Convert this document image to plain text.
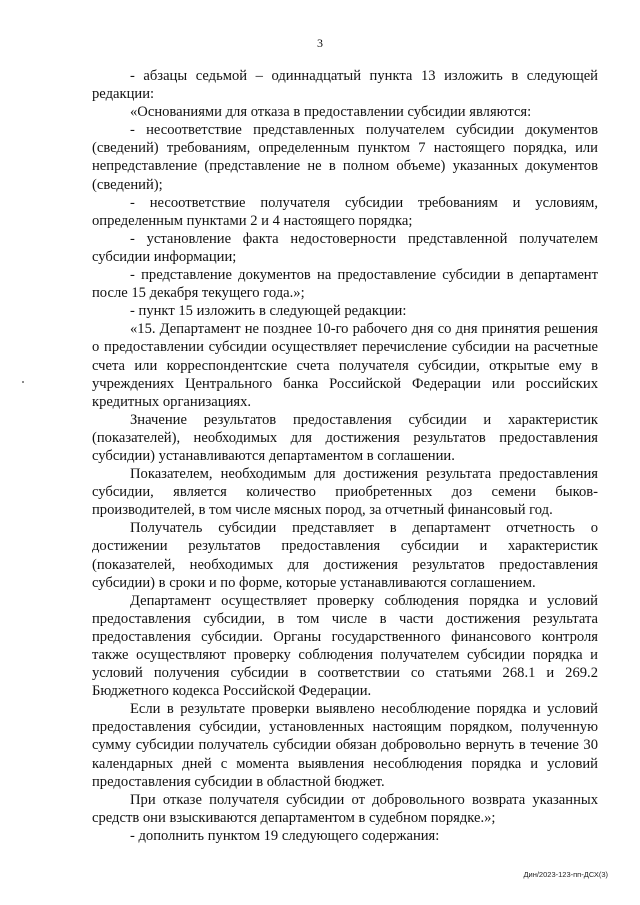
3

- абзацы седьмой – одиннадцатый пункта 13 изложить в следующей редакции:

«Основаниями для отказа в предоставлении субсидии являются:

- несоответствие представленных получателем субсидии документов (сведений) требованиям, определенным пунктом 7 настоящего порядка, или непредставление (представление не в полном объеме) указанных документов (сведений);

- несоответствие получателя субсидии требованиям и условиям, определенным пунктами 2 и 4 настоящего порядка;

- установление факта недостоверности представленной получателем субсидии информации;

- представление документов на предоставление субсидии в департамент после 15 декабря текущего года.»;

- пункт 15 изложить в следующей редакции:

«15. Департамент не позднее 10-го рабочего дня со дня принятия решения о предоставлении субсидии осуществляет перечисление субсидии на расчетные счета или корреспондентские счета получателя субсидии, открытые ему в учреждениях Центрального банка Российской Федерации или российских кредитных организациях.

Значение результатов предоставления субсидии и характеристик (показателей), необходимых для достижения результатов предоставления субсидии) устанавливаются департаментом в соглашении.

Показателем, необходимым для достижения результата предоставления субсидии, является количество приобретенных доз семени быков-производителей, в том числе мясных пород, за отчетный финансовый год.

Получатель субсидии представляет в департамент отчетность о достижении результатов предоставления субсидии и характеристик (показателей, необходимых для достижения результатов предоставления субсидии) в сроки и по форме, которые устанавливаются соглашением.

Департамент осуществляет проверку соблюдения порядка и условий предоставления субсидии, в том числе в части достижения результата предоставления субсидии. Органы государственного финансового контроля также осуществляют проверку соблюдения получателем субсидии порядка и условий получения субсидии в соответствии со статьями 268.1 и 269.2 Бюджетного кодекса Российской Федерации.

Если в результате проверки выявлено несоблюдение порядка и условий предоставления субсидии, установленных настоящим порядком, полученную сумму субсидии получатель субсидии обязан добровольно вернуть в течение 30 календарных дней с момента выявления несоблюдения порядка и условий предоставления субсидии в областной бюджет.

При отказе получателя субсидии от добровольного возврата указанных средств они взыскиваются департаментом в судебном порядке.»;

- дополнить пунктом 19 следующего содержания:

Дин/2023-123-пп-ДСХ(3)
